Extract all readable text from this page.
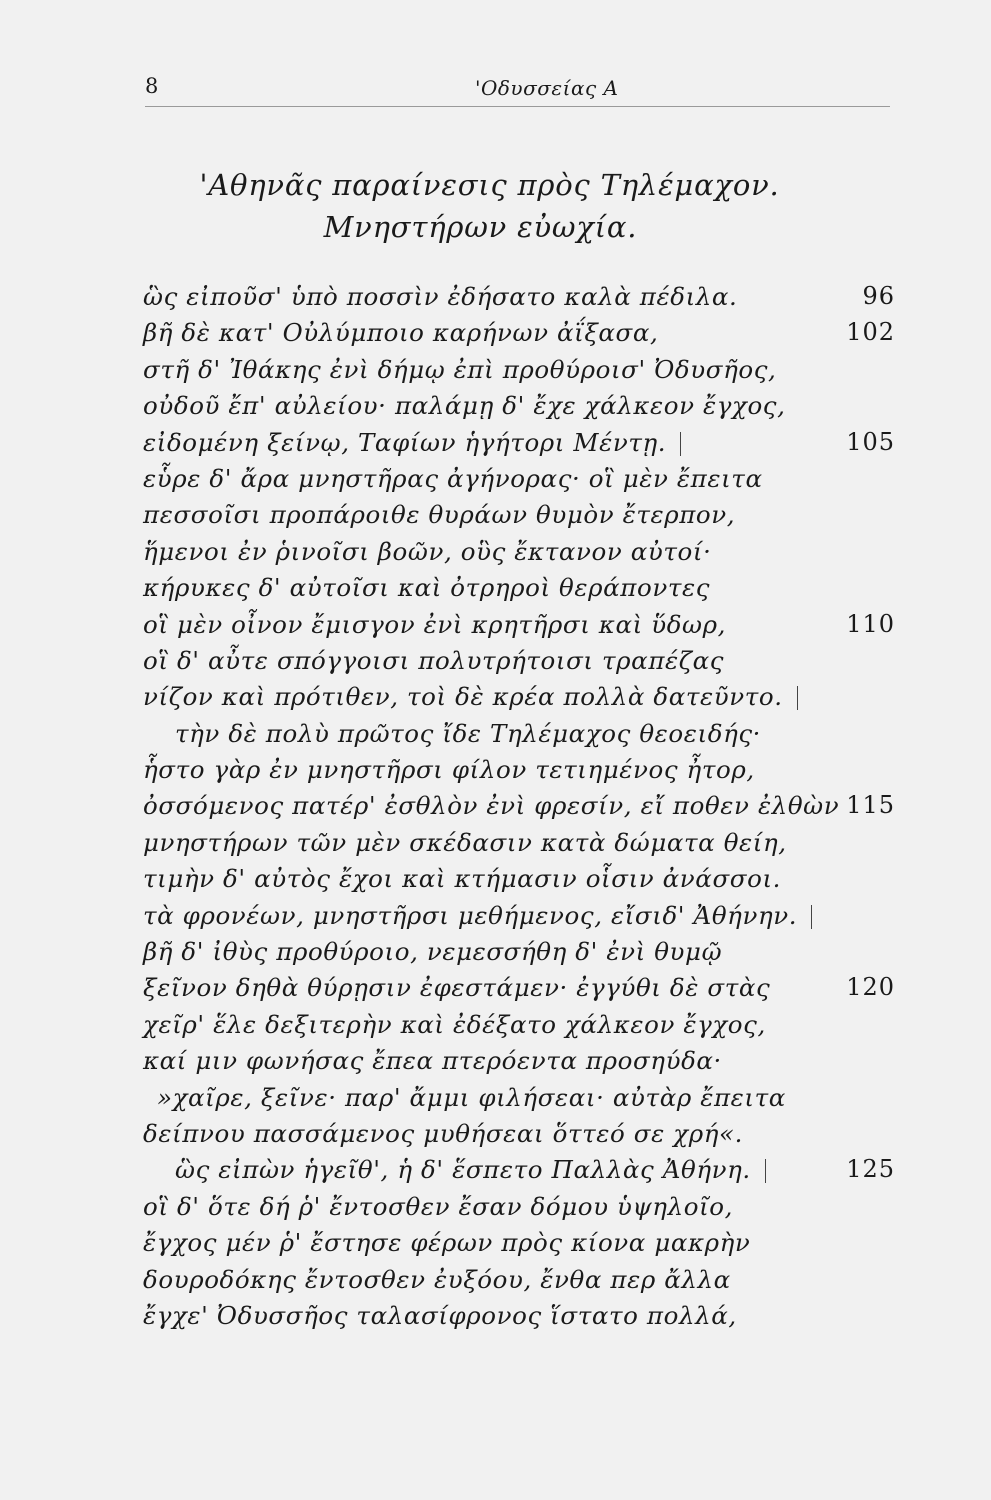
8	'Οδυσσείας Α
'Αθηνᾶς παραίνεσις πρὸς Τηλέμαχον.
Μνηστήρων εὐωχία.
ὣς εἰποῦσ' ὑπὸ ποσσὶν ἐδήσατο καλὰ πέδιλα.	96
βῆ δὲ κατ' Οὐλύμποιο καρήνων ἀΐξασα,	102
στῆ δ' Ἰθάκης ἐνὶ δήμῳ ἐπὶ προθύροισ' Ὀδυσῆος,
οὐδοῦ ἔπ' αὐλείου· παλάμῃ δ' ἔχε χάλκεον ἔγχος,
εἰδομένη ξείνῳ, Ταφίων ἡγήτορι Μέντῃ.	105
εὗρε δ' ἄρα μνηστῆρας ἀγήνορας· οἳ μὲν ἔπειτα
πεσσοῖσι προπάροιθε θυράων θυμὸν ἔτερπον,
ἥμενοι ἐν ῥινοῖσι βοῶν, οὓς ἔκτανον αὐτοί·
κήρυκες δ' αὐτοῖσι καὶ ὀτρηροὶ θεράποντες
οἳ μὲν οἶνον ἔμισγον ἐνὶ κρητῆρσι καὶ ὕδωρ,	110
οἳ δ' αὖτε σπόγγοισι πολυτρήτοισι τραπέζας
νίζον καὶ πρότιθεν, τοὶ δὲ κρέα πολλὰ δατεῦντο.
τὴν δὲ πολὺ πρῶτος ἴδε Τηλέμαχος θεοειδής·
ἧστο γὰρ ἐν μνηστῆρσι φίλον τετιημένος ἦτορ,
ὀσσόμενος πατέρ' ἐσθλὸν ἐνὶ φρεσίν, εἴ ποθεν ἐλθὼν 115
μνηστήρων τῶν μὲν σκέδασιν κατὰ δώματα θείη,
τιμὴν δ' αὐτὸς ἔχοι καὶ κτήμασιν οἷσιν ἀνάσσοι.
τὰ φρονέων, μνηστῆρσι μεθήμενος, εἴσιδ' Ἀθήνην.
βῆ δ' ἰθὺς προθύροιο, νεμεσσήθη δ' ἐνὶ θυμῷ
ξεῖνον δηθὰ θύρῃσιν ἐφεστάμεν· ἐγγύθι δὲ στὰς	120
χεῖρ' ἕλε δεξιτερὴν καὶ ἐδέξατο χάλκεον ἔγχος,
καί μιν φωνήσας ἔπεα πτερόεντα προσηύδα·
»χαῖρε, ξεῖνε· παρ' ἄμμι φιλήσεαι· αὐτὰρ ἔπειτα
δείπνου πασσάμενος μυθήσεαι ὅττεό σε χρή«.
ὣς εἰπὼν ἡγεῖθ', ἡ δ' ἕσπετο Παλλὰς Ἀθήνη.	125
οἳ δ' ὅτε δή ῥ' ἔντοσθεν ἔσαν δόμου ὑψηλοῖο,
ἔγχος μέν ῥ' ἔστησε φέρων πρὸς κίονα μακρὴν
δουροδόκης ἔντοσθεν ἐυξόου, ἔνθα περ ἄλλα
ἔγχε' Ὀδυσσῆος ταλασίφρονος ἵστατο πολλά,
